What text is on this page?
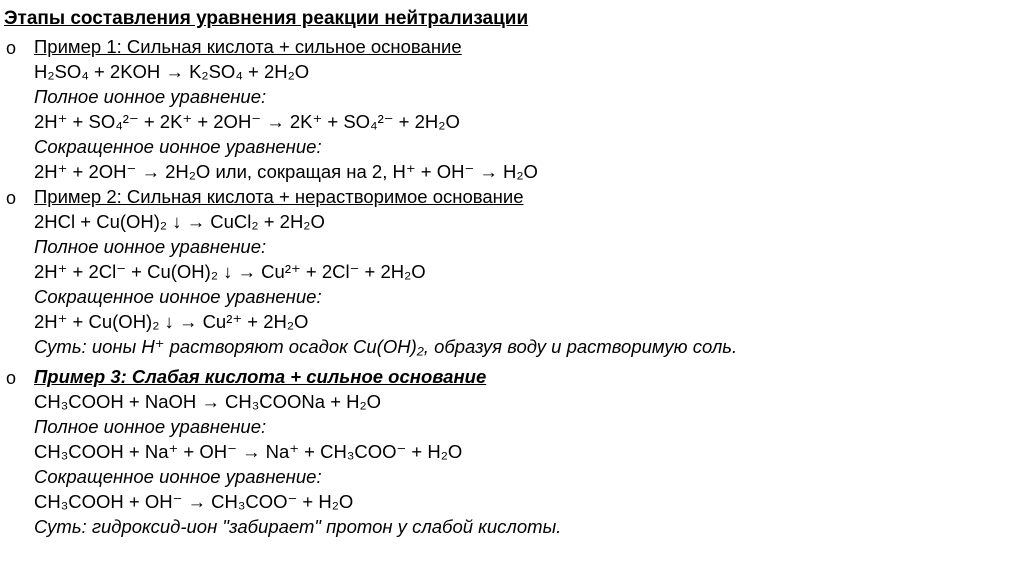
Этапы составления уравнения реакции нейтрализации
o Пример 1: Сильная кислота + сильное основание
H₂SO₄ + 2KOH → K₂SO₄ + 2H₂O
Полное ионное уравнение:
2H⁺ + SO₄²⁻ + 2K⁺ + 2OH⁻ → 2K⁺ + SO₄²⁻ + 2H₂O
Сокращенное ионное уравнение:
2H⁺ + 2OH⁻ → 2H₂O или, сокращая на 2, H⁺ + OH⁻ → H₂O
o Пример 2: Сильная кислота + нерастворимое основание
2HCl + Cu(OH)₂ ↓ → CuCl₂ + 2H₂O
Полное ионное уравнение:
2H⁺ + 2Cl⁻ + Cu(OH)₂ ↓ → Cu²⁺ + 2Cl⁻ + 2H₂O
Сокращенное ионное уравнение:
2H⁺ + Cu(OH)₂ ↓ → Cu²⁺ + 2H₂O
Суть: ионы H⁺ растворяют осадок Cu(OH)₂, образуя воду и растворимую соль.
o Пример 3: Слабая кислота + сильное основание
CH₃COOH + NaOH → CH₃COONa + H₂O
Полное ионное уравнение:
CH₃COOH + Na⁺ + OH⁻ → Na⁺ + CH₃COO⁻ + H₂O
Сокращенное ионное уравнение:
CH₃COOH + OH⁻ → CH₃COO⁻ + H₂O
Суть: гидроксид-ион "забирает" протон у слабой кислоты.
